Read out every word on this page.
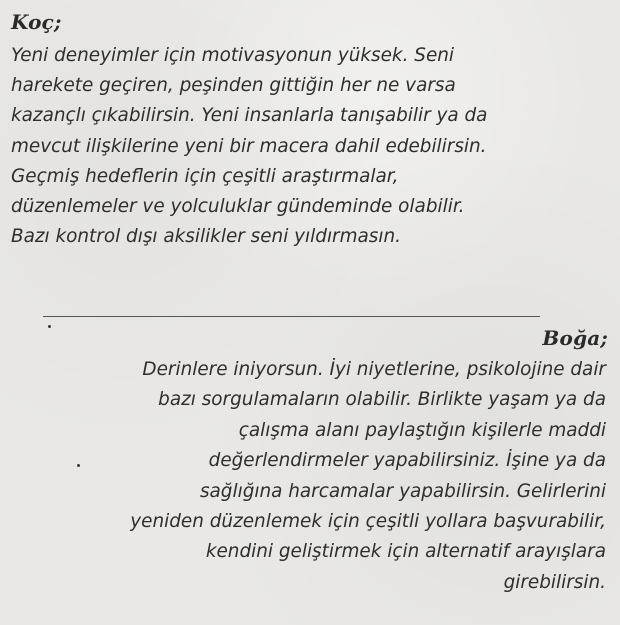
Koç;

Yeni deneyimler için motivasyonun yüksek. Seni
harekete geçiren, peşinden gittiğin her ne varsa
kazançlı çıkabilirsin. Yeni insanlarla tanışabilir ya da
mevcut ilişkilerine yeni bir macera dahil edebilirsin.
Geçmiş hedeflerin için çeşitli araştırmalar,
düzenlemeler ve yolculuklar gündeminde olabilir.
Bazı kontrol dışı aksilikler seni yıldırmasın.

Boğa;

Derinlere iniyorsun. İyi niyetlerine, psikolojine dair
bazı sorgulamaların olabilir. Birlikte yaşam ya da
çalışma alanı paylaştığın kişilerle maddi
değerlendirmeler yapabilirsiniz. İşine ya da
sağlığına harcamalar yapabilirsin. Gelirlerini
yeniden düzenlemek için çeşitli yollara başvurabilir,
kendini geliştirmek için alternatif arayışlara
girebilirsin.
